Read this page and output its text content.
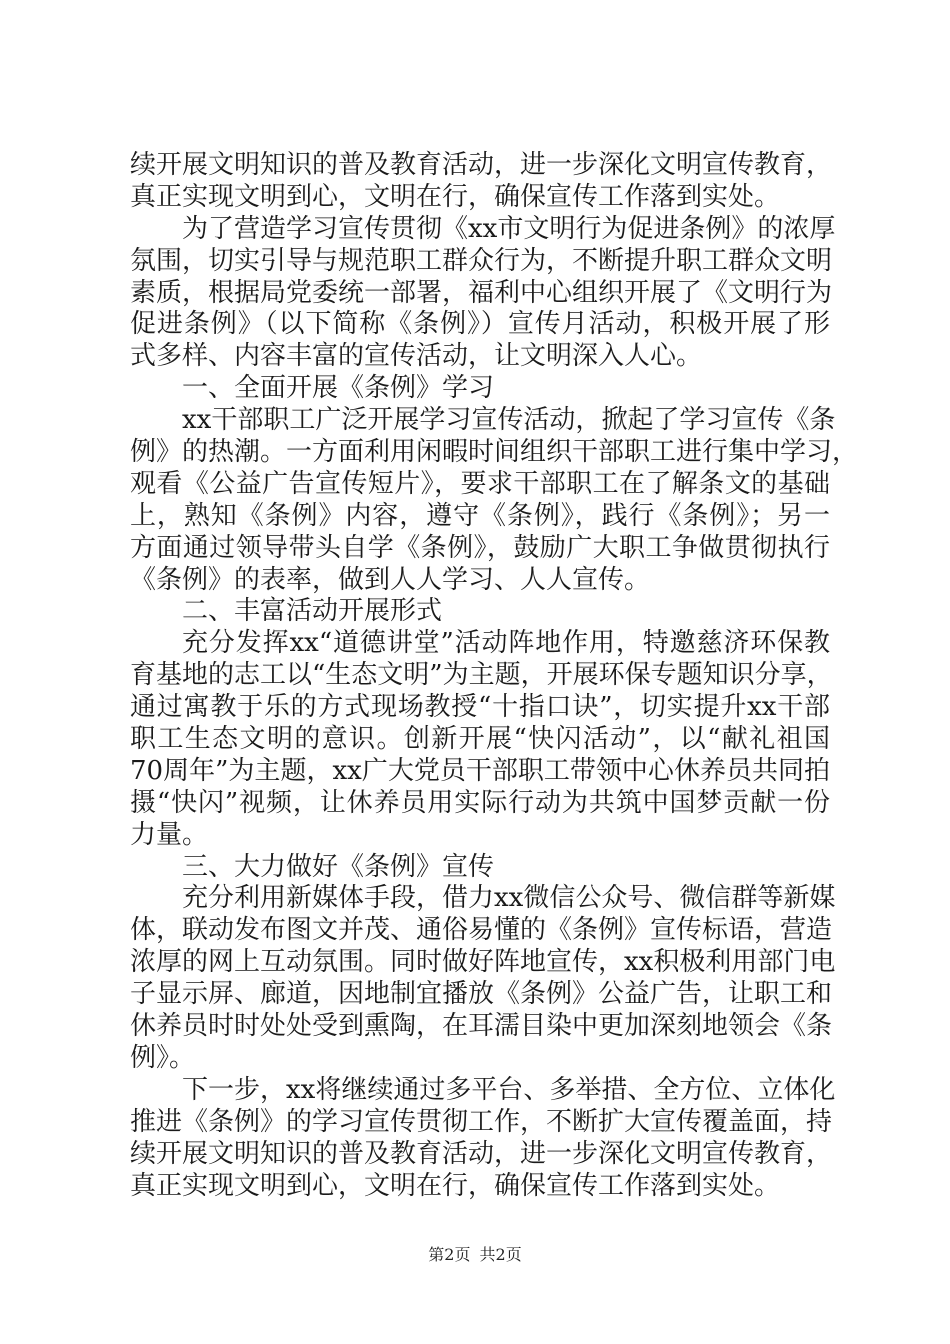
续开展文明知识的普及教育活动，进一步深化文明宣传教育，
真正实现文明到心，文明在行，确保宣传工作落到实处。
为了营造学习宣传贯彻《xx市文明行为促进条例》的浓厚
氛围，切实引导与规范职工群众行为，不断提升职工群众文明
素质，根据局党委统一部署，福利中心组织开展了《文明行为
促进条例》（以下简称《条例》）宣传月活动，积极开展了形
式多样、内容丰富的宣传活动，让文明深入人心。
一、全面开展《条例》学习
xx干部职工广泛开展学习宣传活动，掀起了学习宣传《条
例》的热潮。一方面利用闲暇时间组织干部职工进行集中学习，
观看《公益广告宣传短片》，要求干部职工在了解条文的基础
上，熟知《条例》内容，遵守《条例》，践行《条例》；另一
方面通过领导带头自学《条例》，鼓励广大职工争做贯彻执行
《条例》的表率，做到人人学习、人人宣传。
二、丰富活动开展形式
充分发挥xx“道德讲堂”活动阵地作用，特邀慈济环保教
育基地的志工以“生态文明”为主题，开展环保专题知识分享，
通过寓教于乐的方式现场教授“十指口诀”，切实提升xx干部
职工生态文明的意识。创新开展“快闪活动”，以“献礼祖国
70周年”为主题，xx广大党员干部职工带领中心休养员共同拍
摄“快闪”视频，让休养员用实际行动为共筑中国梦贡献一份
力量。
三、大力做好《条例》宣传
充分利用新媒体手段，借力xx微信公众号、微信群等新媒
体，联动发布图文并茂、通俗易懂的《条例》宣传标语，营造
浓厚的网上互动氛围。同时做好阵地宣传，xx积极利用部门电
子显示屏、廊道，因地制宜播放《条例》公益广告，让职工和
休养员时时处处受到熏陶，在耳濡目染中更加深刻地领会《条
例》。
下一步，xx将继续通过多平台、多举措、全方位、立体化
推进《条例》的学习宣传贯彻工作，不断扩大宣传覆盖面，持
续开展文明知识的普及教育活动，进一步深化文明宣传教育，
真正实现文明到心，文明在行，确保宣传工作落到实处。
第2页 共2页
